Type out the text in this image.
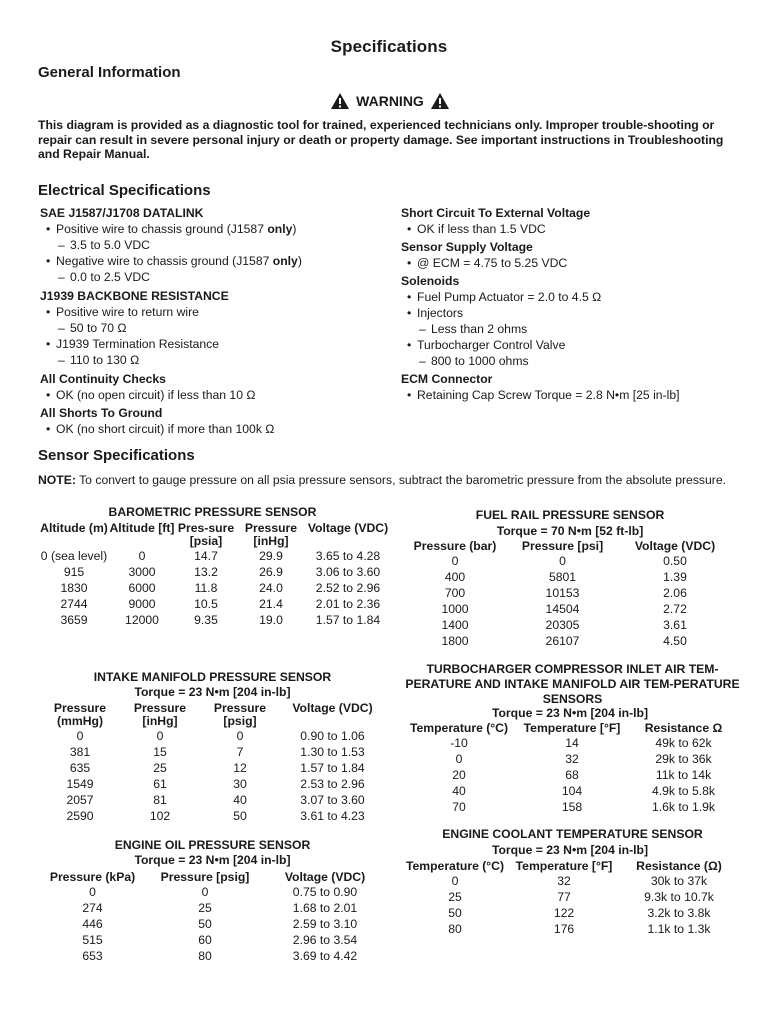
Specifications
General Information
WARNING
This diagram is provided as a diagnostic tool for trained, experienced technicians only. Improper trouble-shooting or repair can result in severe personal injury or death or property damage. See important instructions in Troubleshooting and Repair Manual.
Electrical Specifications
SAE J1587/J1708 DATALINK
• Positive wire to chassis ground (J1587 only)
– 3.5 to 5.0 VDC
• Negative wire to chassis ground (J1587 only)
– 0.0 to 2.5 VDC
J1939 BACKBONE RESISTANCE
• Positive wire to return wire
– 50 to 70 Ω
• J1939 Termination Resistance
– 110 to 130 Ω
All Continuity Checks
• OK (no open circuit) if less than 10 Ω
All Shorts To Ground
• OK (no short circuit) if more than 100k Ω
Short Circuit To External Voltage
• OK if less than 1.5 VDC
Sensor Supply Voltage
• @ ECM = 4.75 to 5.25 VDC
Solenoids
• Fuel Pump Actuator = 2.0 to 4.5 Ω
• Injectors
– Less than 2 ohms
• Turbocharger Control Valve
– 800 to 1000 ohms
ECM Connector
• Retaining Cap Screw Torque = 2.8 N•m [25 in-lb]
Sensor Specifications
NOTE: To convert to gauge pressure on all psia pressure sensors, subtract the barometric pressure from the absolute pressure.
BAROMETRIC PRESSURE SENSOR
Altitude (m)	Altitude [ft]	Pres-sure [psia]	Pressure [inHg]	Voltage (VDC)
0 (sea level)	0	14.7	29.9	3.65 to 4.28
915	3000	13.2	26.9	3.06 to 3.60
1830	6000	11.8	24.0	2.52 to 2.96
2744	9000	10.5	21.4	2.01 to 2.36
3659	12000	9.35	19.0	1.57 to 1.84
INTAKE MANIFOLD PRESSURE SENSOR
Torque = 23 N•m [204 in-lb]
Pressure (mmHg)	Pressure [inHg]	Pressure [psig]	Voltage (VDC)
0	0	0	0.90 to 1.06
381	15	7	1.30 to 1.53
635	25	12	1.57 to 1.84
1549	61	30	2.53 to 2.96
2057	81	40	3.07 to 3.60
2590	102	50	3.61 to 4.23
ENGINE OIL PRESSURE SENSOR
Torque = 23 N•m [204 in-lb]
Pressure (kPa)	Pressure [psig]	Voltage (VDC)
0	0	0.75 to 0.90
274	25	1.68 to 2.01
446	50	2.59 to 3.10
515	60	2.96 to 3.54
653	80	3.69 to 4.42
FUEL RAIL PRESSURE SENSOR
Torque = 70 N•m [52 ft-lb]
Pressure (bar)	Pressure [psi]	Voltage (VDC)
0	0	0.50
400	5801	1.39
700	10153	2.06
1000	14504	2.72
1400	20305	3.61
1800	26107	4.50
TURBOCHARGER COMPRESSOR INLET AIR TEM-PERATURE AND INTAKE MANIFOLD AIR TEM-PERATURE SENSORS
Torque = 23 N•m [204 in-lb]
Temperature (°C)	Temperature [°F]	Resistance Ω
-10	14	49k to 62k
0	32	29k to 36k
20	68	11k to 14k
40	104	4.9k to 5.8k
70	158	1.6k to 1.9k
ENGINE COOLANT TEMPERATURE SENSOR
Torque = 23 N•m [204 in-lb]
Temperature (°C)	Temperature [°F]	Resistance (Ω)
0	32	30k to 37k
25	77	9.3k to 10.7k
50	122	3.2k to 3.8k
80	176	1.1k to 1.3k
